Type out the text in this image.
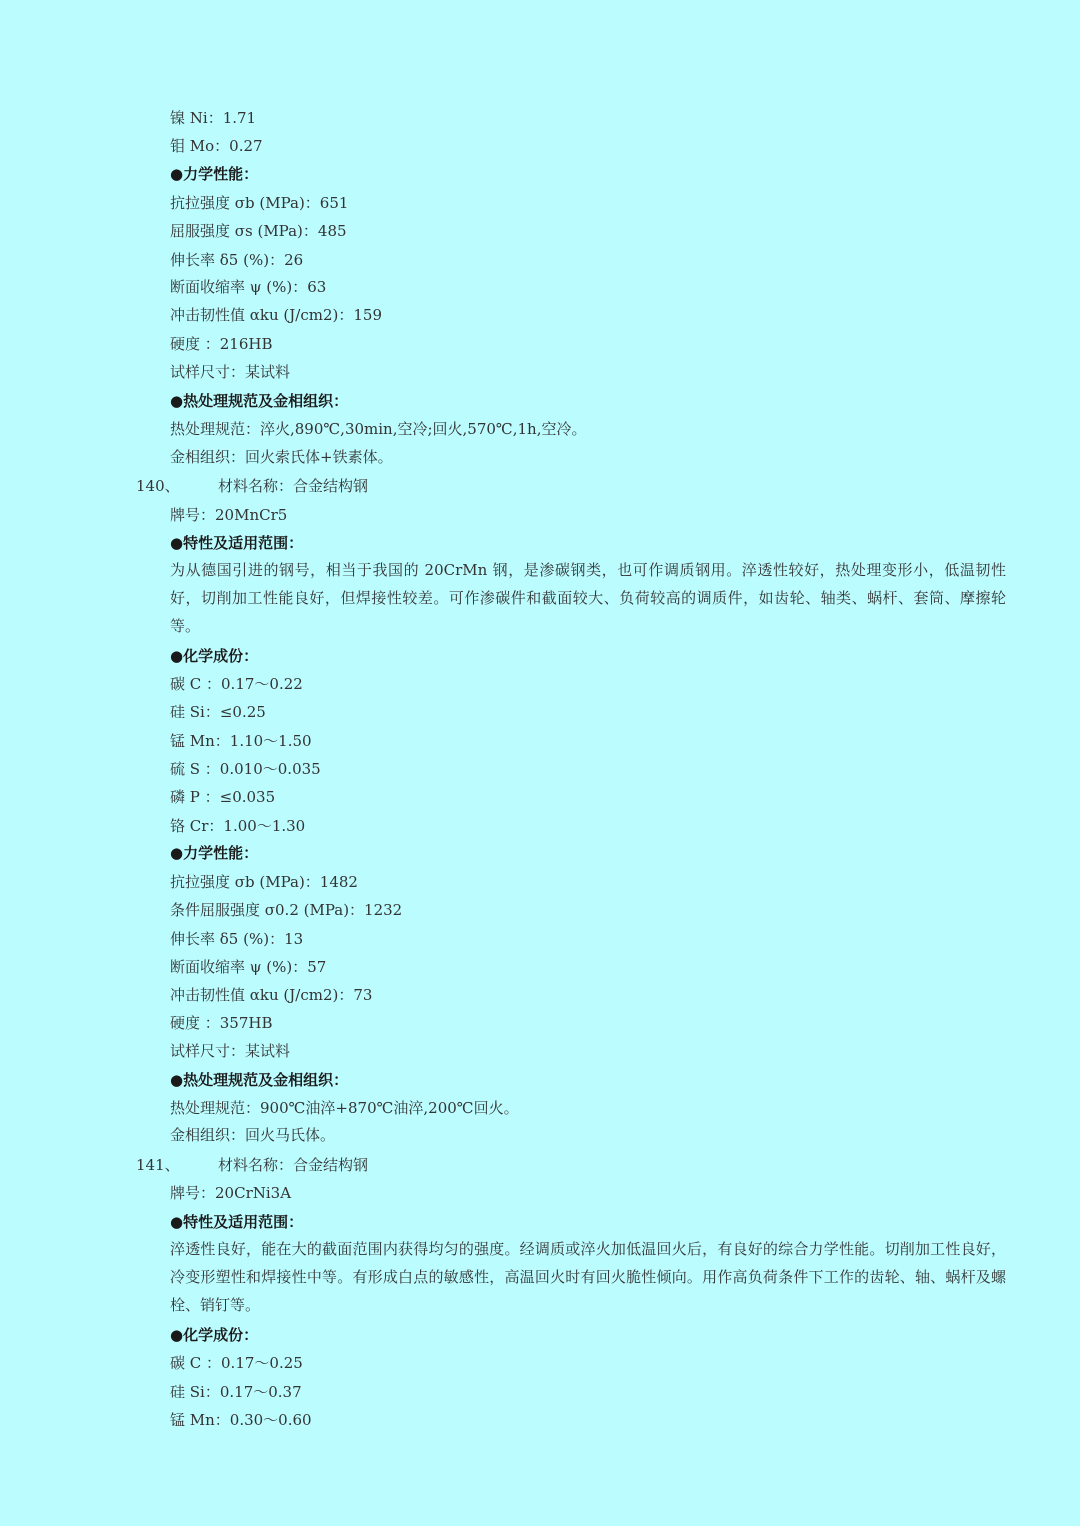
镍 Ni：1.71
钼 Mo：0.27
●力学性能：
抗拉强度 σb (MPa)：651
屈服强度 σs (MPa)：485
伸长率 δ5 (%)：26
断面收缩率 ψ (%)：63
冲击韧性值 αku (J/cm2)：159
硬度 ：216HB
试样尺寸：某试料
●热处理规范及金相组织：
热处理规范：淬火,890℃,30min,空冷;回火,570℃,1h,空冷。
金相组织：回火索氏体+铁素体。
140、	材料名称：合金结构钢
牌号：20MnCr5
●特性及适用范围：
为从德国引进的钢号，相当于我国的 20CrMn 钢，是渗碳钢类，也可作调质钢用。淬透性较好，热处理变形小，低温韧性好，切削加工性能良好，但焊接性较差。可作渗碳件和截面较大、负荷较高的调质件，如齿轮、轴类、蜗杆、套筒、摩擦轮等。
●化学成份：
碳 C ：0.17～0.22
硅 Si：≤0.25
锰 Mn：1.10～1.50
硫 S ：0.010～0.035
磷 P ：≤0.035
铬 Cr：1.00～1.30
●力学性能：
抗拉强度 σb (MPa)：1482
条件屈服强度 σ0.2 (MPa)：1232
伸长率 δ5 (%)：13
断面收缩率 ψ (%)：57
冲击韧性值 αku (J/cm2)：73
硬度 ：357HB
试样尺寸：某试料
●热处理规范及金相组织：
热处理规范：900℃油淬+870℃油淬,200℃回火。
金相组织：回火马氏体。
141、	材料名称：合金结构钢
牌号：20CrNi3A
●特性及适用范围：
淬透性良好，能在大的截面范围内获得均匀的强度。经调质或淬火加低温回火后，有良好的综合力学性能。切削加工性良好，冷变形塑性和焊接性中等。有形成白点的敏感性，高温回火时有回火脆性倾向。用作高负荷条件下工作的齿轮、轴、蜗杆及螺栓、销钉等。
●化学成份：
碳 C ：0.17～0.25
硅 Si：0.17～0.37
锰 Mn：0.30～0.60
